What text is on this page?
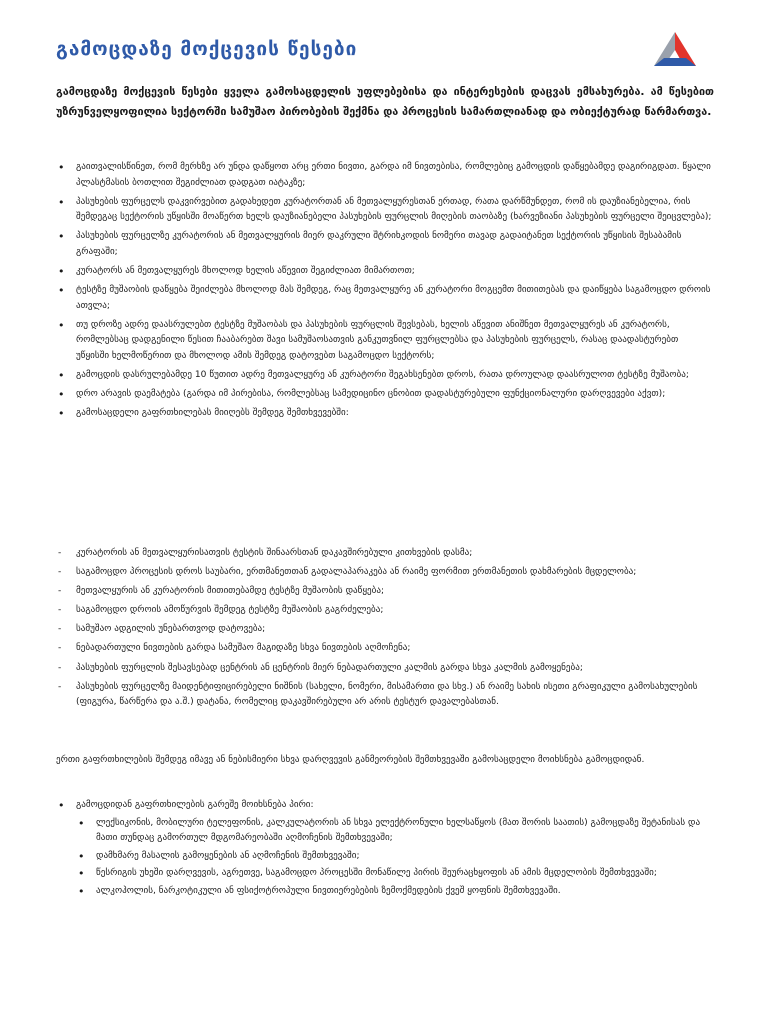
გამოცდაზე მოქცევის წესები
გამოცდაზე მოქცევის წესები ყველა გამოსაცდელის უფლებებისა და ინტერესების დაცვას ემსახურება. ამ წესებით უზრუნველყოფილია სექტორში სამუშაო პირობების შექმნა და პროცესის სამართლიანად და ობიექტურად წარმართვა.
• გაითვალისწინეთ, რომ მერხზე არ უნდა დაწყოთ არც ერთი ნივთი, გარდა იმ ნივთებისა, რომლებიც გამოცდის დაწყებამდე დაგირიგდათ. წყალი პლასტმასის ბოთლით შეგიძლიათ დადგათ იატაკზე;
• პასუხების ფურცელს დაკვირვებით გადახედეთ კურატორთან ან მეთვალყურესთან ერთად, რათა დარწმუნდეთ, რომ ის დაუზიანებელია, რის შემდეგაც სექტორის უწყისში მოაწერთ ხელს დაუზიანებელი პასუხების ფურცლის მიღების თაობაზე (ხარვეზიანი პასუხების ფურცელი შეიცვლება);
• პასუხების ფურცელზე კურატორის ან მეთვალყურის მიერ დაკრული შტრიხკოდის ნომერი თავად გადაიტანეთ სექტორის უწყისის შესაბამის გრაფაში;
• კურატორს ან მეთვალყურეს მხოლოდ ხელის აწევით შეგიძლიათ მიმართოთ;
• ტესტზე მუშაობის დაწყება შეიძლება მხოლოდ მას შემდეგ, რაც მეთვალყურე ან კურატორი მოგცემთ მითითებას და დაიწყება საგამოცდო დროის ათვლა;
• თუ დროზე ადრე დაასრულებთ ტესტზე მუშაობას და პასუხების ფურცლის შევსებას, ხელის აწევით ანიშნეთ მეთვალყურეს ან კურატორს, რომლებსაც დადგენილი წესით ჩააბარებთ შავი სამუშაოსათვის განკუთვნილ ფურცლებსა და პასუხების ფურცელს, რასაც დაადასტურებთ უწყისში ხელმოწერით და მხოლოდ ამის შემდეგ დატოვებთ საგამოცდო სექტორს;
• გამოცდის დასრულებამდე 10 წუთით ადრე მეთვალყურე ან კურატორი შეგახსენებთ დროს, რათა დროულად დაასრულოთ ტესტზე მუშაობა;
• დრო არავის დაემატება (გარდა იმ პირებისა, რომლებსაც სამედიცინო ცნობით დადასტურებული ფუნქციონალური დარღვევები აქვთ);
• გამოსაცდელი გაფრთხილებას მიიღებს შემდეგ შემთხვევებში:
- კურატორის ან მეთვალყურისათვის ტესტის შინაარსთან დაკავშირებული კითხვების დასმა;
- საგამოცდო პროცესის დროს საუბარი, ერთმანეთთან გადალაპარაკება ან რაიმე ფორმით ერთმანეთის დახმარების მცდელობა;
- მეთვალყურის ან კურატორის მითითებამდე ტესტზე მუშაობის დაწყება;
- საგამოცდო დროის ამოწურვის შემდეგ ტესტზე მუშაობის გაგრძელება;
- სამუშაო ადგილის უნებართვოდ დატოვება;
- ნებადართული ნივთების გარდა სამუშაო მაგიდაზე სხვა ნივთების აღმოჩენა;
- პასუხების ფურცლის შესავსებად ცენტრის ან ცენტრის მიერ ნებადართული კალმის გარდა სხვა კალმის გამოყენება;
- პასუხების ფურცელზე მაიდენტიფიცირებელი ნიშნის (სახელი, ნომერი, მისამართი და სხვ.) ან რაიმე სახის ისეთი გრაფიკული გამოსახულების (ფიგურა, წარწერა და ა.შ.) დატანა, რომელიც დაკავშირებული არ არის ტესტურ დავალებასთან.
ერთი გაფრთხილების შემდეგ იმავე ან ნებისმიერი სხვა დარღვევის განმეორების შემთხვევაში გამოსაცდელი მოიხსნება გამოცდიდან.
• გამოცდიდან გაფრთხილების გარეშე მოიხსნება პირი:
• ლექსიკონის, მობილური ტელეფონის, კალკულატორის ან სხვა ელექტრონული ხელსაწყოს (მათ შორის საათის) გამოცდაზე შეტანისას და მათი თუნდაც გამორთულ მდგომარეობაში აღმოჩენის შემთხვევაში;
• დამხმარე მასალის გამოყენების ან აღმოჩენის შემთხვევაში;
• წესრიგის უხეში დარღვევის, აგრეთვე, საგამოცდო პროცესში მონაწილე პირის შეურაცხყოფის ან ამის მცდელობის შემთხვევაში;
• ალკოჰოლის, ნარკოტიკული ან ფსიქოტროპული ნივთიერებების ზემოქმედების ქვეშ ყოფნის შემთხვევაში.
